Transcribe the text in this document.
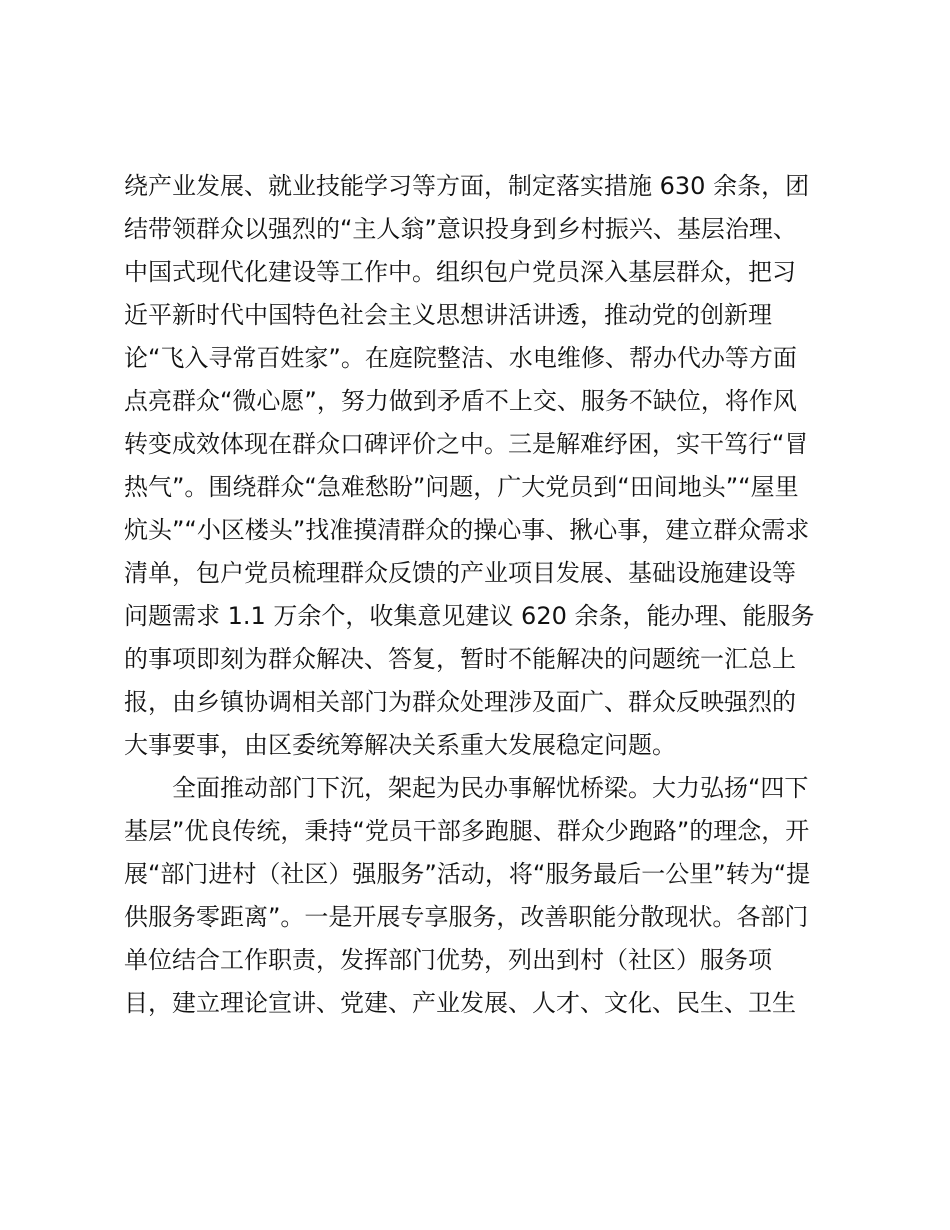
绕产业发展、就业技能学习等方面，制定落实措施 630 余条，团
结带领群众以强烈的“主人翁”意识投身到乡村振兴、基层治理、
中国式现代化建设等工作中。组织包户党员深入基层群众，把习
近平新时代中国特色社会主义思想讲活讲透，推动党的创新理
论“飞入寻常百姓家”。在庭院整洁、水电维修、帮办代办等方面
点亮群众“微心愿”，努力做到矛盾不上交、服务不缺位，将作风
转变成效体现在群众口碑评价之中。三是解难纾困，实干笃行“冒
热气”。围绕群众“急难愁盼”问题，广大党员到“田间地头”“屋里
炕头”“小区楼头”找准摸清群众的操心事、揪心事，建立群众需求
清单，包户党员梳理群众反馈的产业项目发展、基础设施建设等
问题需求 1.1 万余个，收集意见建议 620 余条，能办理、能服务
的事项即刻为群众解决、答复，暂时不能解决的问题统一汇总上
报，由乡镇协调相关部门为群众处理涉及面广、群众反映强烈的
大事要事，由区委统筹解决关系重大发展稳定问题。
全面推动部门下沉，架起为民办事解忧桥梁。大力弘扬“四下
基层”优良传统，秉持“党员干部多跑腿、群众少跑路”的理念，开
展“部门进村（社区）强服务”活动，将“服务最后一公里”转为“提
供服务零距离”。一是开展专享服务，改善职能分散现状。各部门
单位结合工作职责，发挥部门优势，列出到村（社区）服务项
目，建立理论宣讲、党建、产业发展、人才、文化、民生、卫生
